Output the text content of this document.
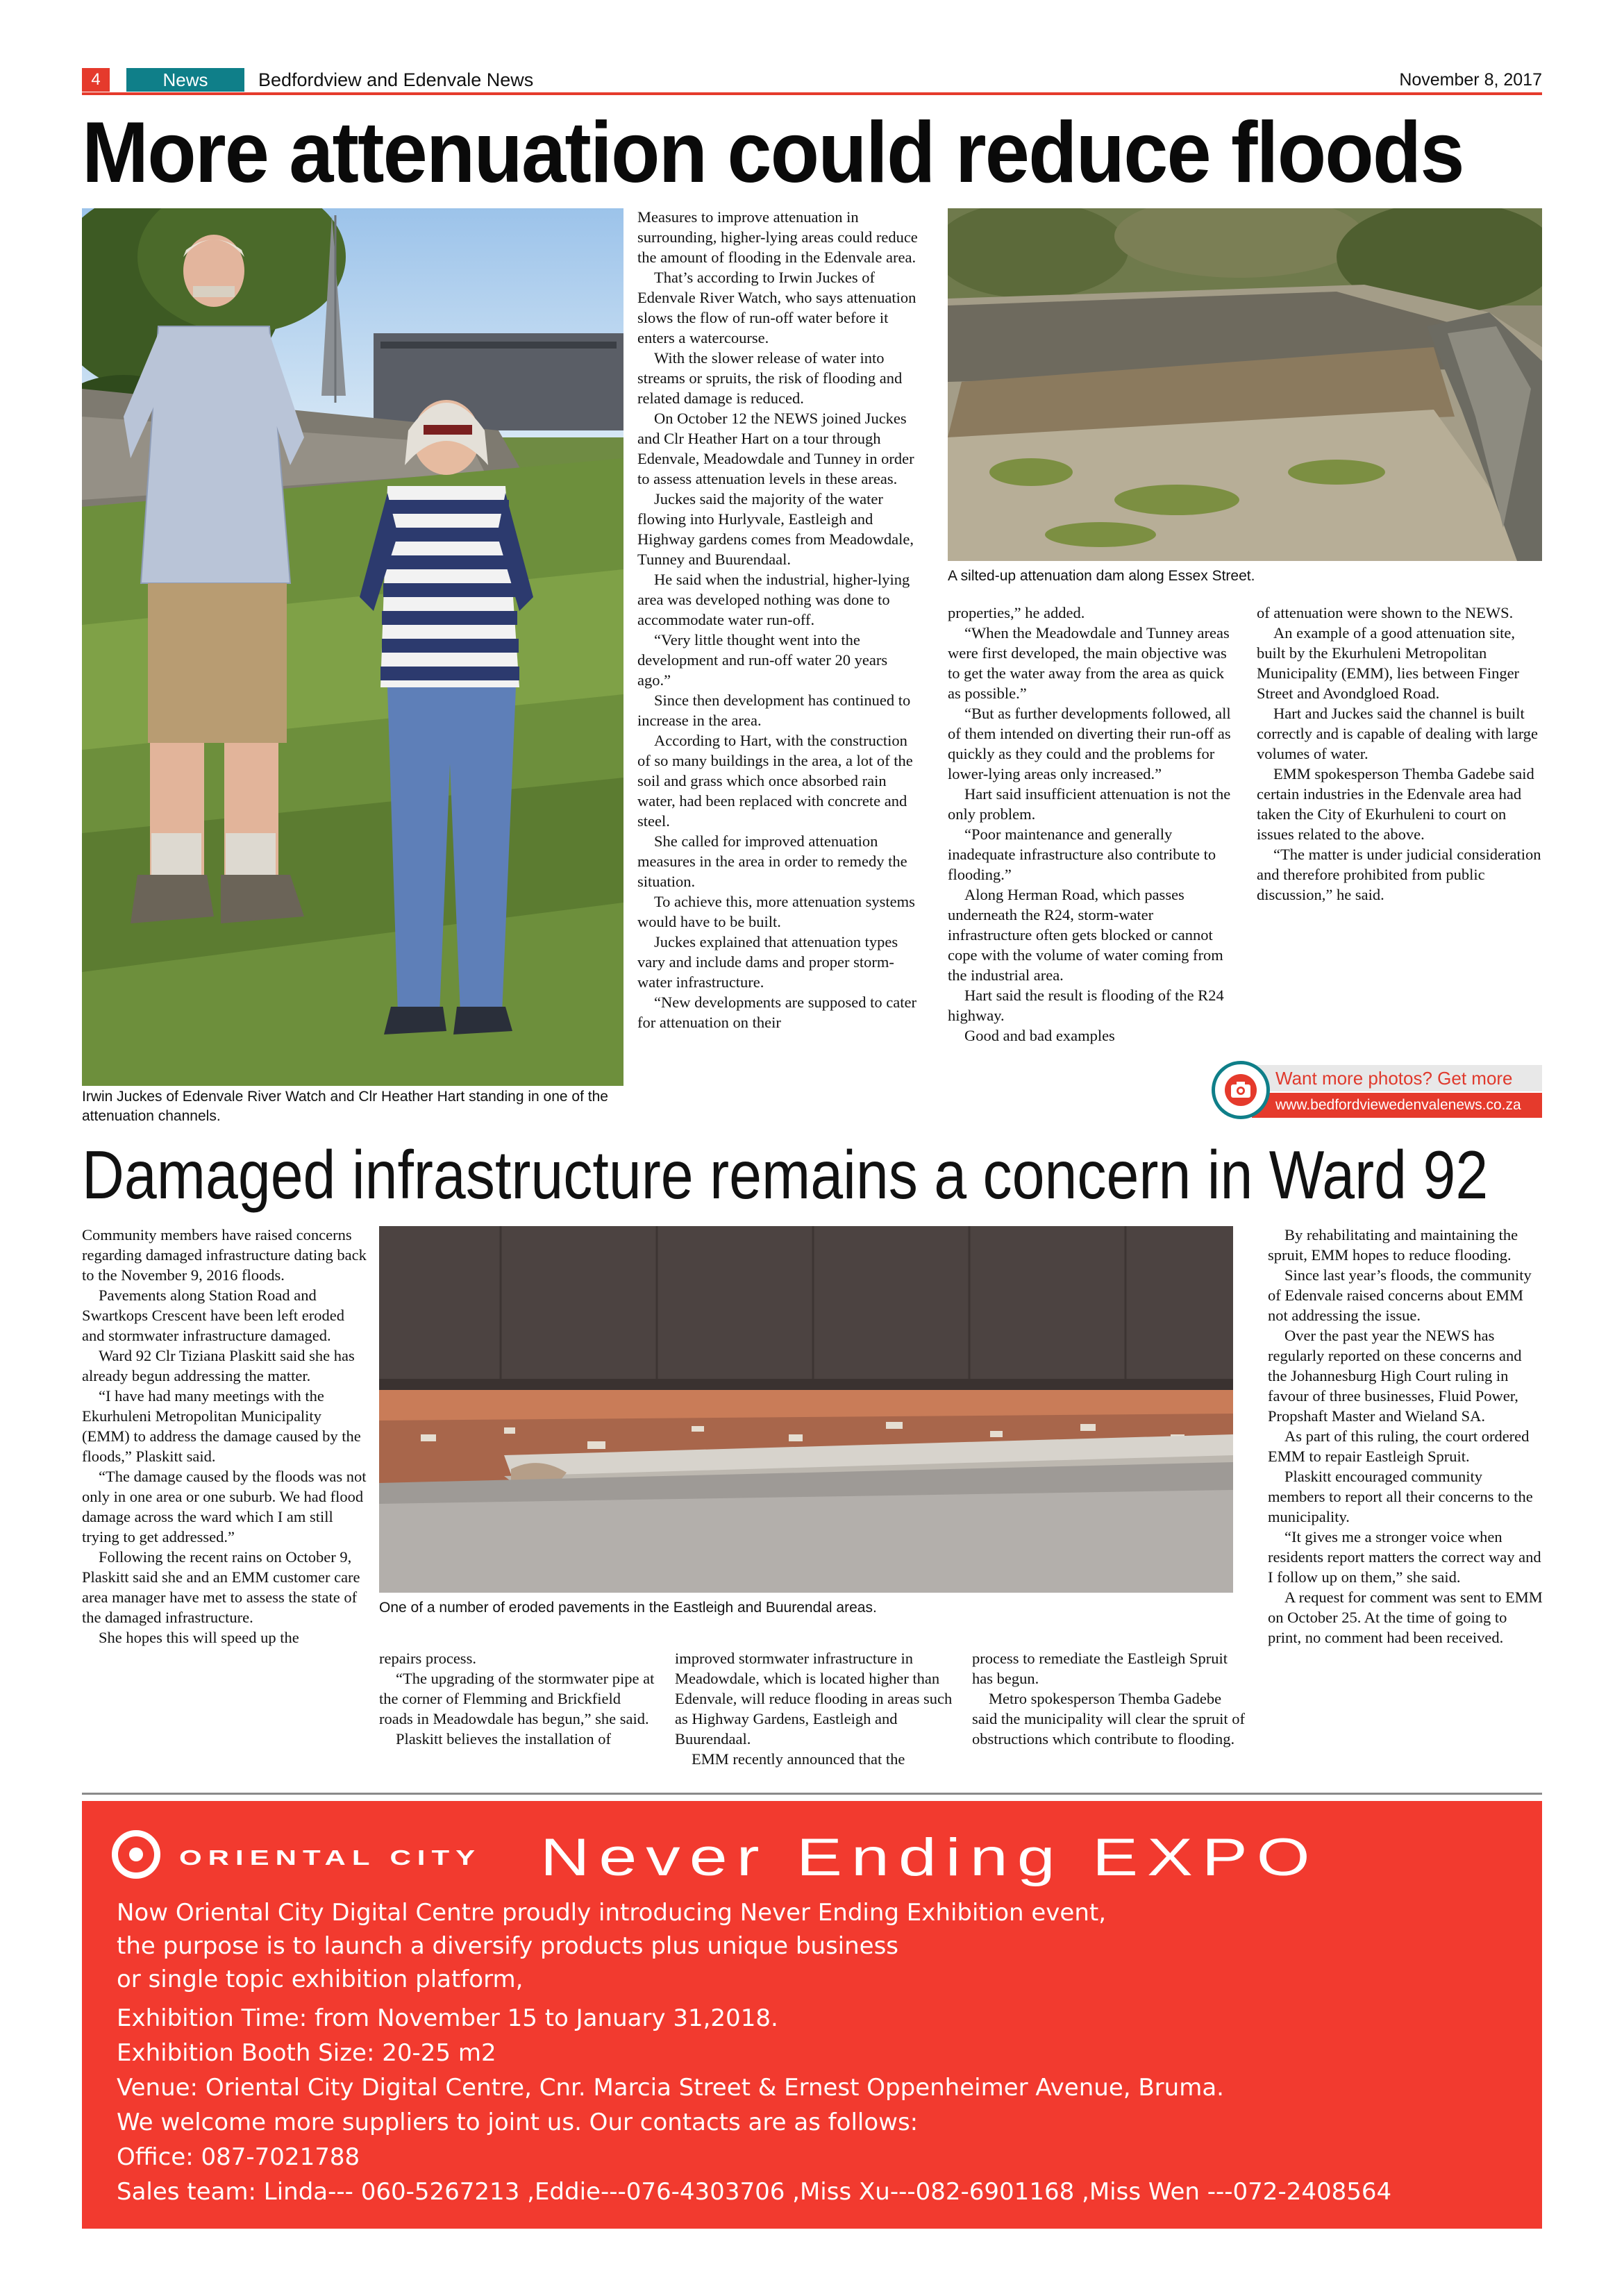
4	News	Bedfordview and Edenvale News	November 8, 2017
More attenuation could reduce floods
Irwin Juckes of Edenvale River Watch and Clr Heather Hart standing in one of the attenuation channels.

Measures to improve attenuation in surrounding, higher-lying areas could reduce the amount of flooding in the Edenvale area.

That’s according to Irwin Juckes of Edenvale River Watch, who says attenuation slows the flow of run-off water before it enters a watercourse.

With the slower release of water into streams or spruits, the risk of flooding and related damage is reduced.

On October 12 the NEWS joined Juckes and Clr Heather Hart on a tour through Edenvale, Meadowdale and Tunney in order to assess attenuation levels in these areas.

Juckes said the majority of the water flowing into Hurlyvale, Eastleigh and Highway gardens comes from Meadowdale, Tunney and Buurendaal.

He said when the industrial, higher-lying area was developed nothing was done to accommodate water run-off.

“Very little thought went into the development and run-off water 20 years ago.”

Since then development has continued to increase in the area.

According to Hart, with the construction of so many buildings in the area, a lot of the soil and grass which once absorbed rain water, had been replaced with concrete and steel.

She called for improved attenuation measures in the area in order to remedy the situation.

To achieve this, more attenuation systems would have to be built.

Juckes explained that attenuation types vary and include dams and proper storm-water infrastructure.

“New developments are supposed to cater for attenuation on their

A silted-up attenuation dam along Essex Street.

properties,” he added.

“When the Meadowdale and Tunney areas were first developed, the main objective was to get the water away from the area as quick as possible.”

“But as further developments followed, all of them intended on diverting their run-off as quickly as they could and the problems for lower-lying areas only increased.”

Hart said insufficient attenuation is not the only problem.

“Poor maintenance and generally inadequate infrastructure also contribute to flooding.”

Along Herman Road, which passes underneath the R24, storm-water infrastructure often gets blocked or cannot cope with the volume of water coming from the industrial area.

Hart said the result is flooding of the R24 highway.

Good and bad examples

of attenuation were shown to the NEWS.

An example of a good attenuation site, built by the Ekurhuleni Metropolitan Municipality (EMM), lies between Finger Street and Avondgloed Road.

Hart and Juckes said the channel is built correctly and is capable of dealing with large volumes of water.

EMM spokesperson Themba Gadebe said certain industries in the Edenvale area had taken the City of Ekurhuleni to court on issues related to the above.

“The matter is under judicial consideration and therefore prohibited from public discussion,” he said.

Want more photos? Get more
www.bedfordviewedenvalenews.co.za
Damaged infrastructure remains a concern in Ward 92
One of a number of eroded pavements in the Eastleigh and Buurendal areas.

Community members have raised concerns regarding damaged infrastructure dating back to the November 9, 2016 floods.

Pavements along Station Road and Swartkops Crescent have been left eroded and stormwater infrastructure damaged.

Ward 92 Clr Tiziana Plaskitt said she has already begun addressing the matter.

“I have had many meetings with the Ekurhuleni Metropolitan Municipality (EMM) to address the damage caused by the floods,” Plaskitt said.

“The damage caused by the floods was not only in one area or one suburb. We had flood damage across the ward which I am still trying to get addressed.”

Following the recent rains on October 9, Plaskitt said she and an EMM customer care area manager have met to assess the state of the damaged infrastructure.

She hopes this will speed up the

repairs process.

“The upgrading of the stormwater pipe at the corner of Flemming and Brickfield roads in Meadowdale has begun,” she said.

Plaskitt believes the installation of

improved stormwater infrastructure in Meadowdale, which is located higher than Edenvale, will reduce flooding in areas such as Highway Gardens, Eastleigh and Buurendaal.

EMM recently announced that the

process to remediate the Eastleigh Spruit has begun.

Metro spokesperson Themba Gadebe said the municipality will clear the spruit of obstructions which contribute to flooding.

By rehabilitating and maintaining the spruit, EMM hopes to reduce flooding.

Since last year’s floods, the community of Edenvale raised concerns about EMM not addressing the issue.

Over the past year the NEWS has regularly reported on these concerns and the Johannesburg High Court ruling in favour of three businesses, Fluid Power, Propshaft Master and Wieland SA.

As part of this ruling, the court ordered EMM to repair Eastleigh Spruit.

Plaskitt encouraged community members to report all their concerns to the municipality.

“It gives me a stronger voice when residents report matters the correct way and I follow up on them,” she said.

A request for comment was sent to EMM on October 25. At the time of going to print, no comment had been received.

ORIENTAL CITY Never Ending EXPO
Now Oriental City Digital Centre proudly introducing Never Ending Exhibition event,
the purpose is to launch a diversify products plus unique business
or single topic exhibition platform,
Exhibition Time: from November 15 to January 31,2018.
Exhibition Booth Size: 20-25 m2
Venue: Oriental City Digital Centre, Cnr. Marcia Street & Ernest Oppenheimer Avenue, Bruma.
We welcome more suppliers to joint us. Our contacts are as follows:
Office: 087-7021788
Sales team: Linda--- 060-5267213 ,Eddie---076-4303706 ,Miss Xu---082-6901168 ,Miss Wen ---072-2408564
